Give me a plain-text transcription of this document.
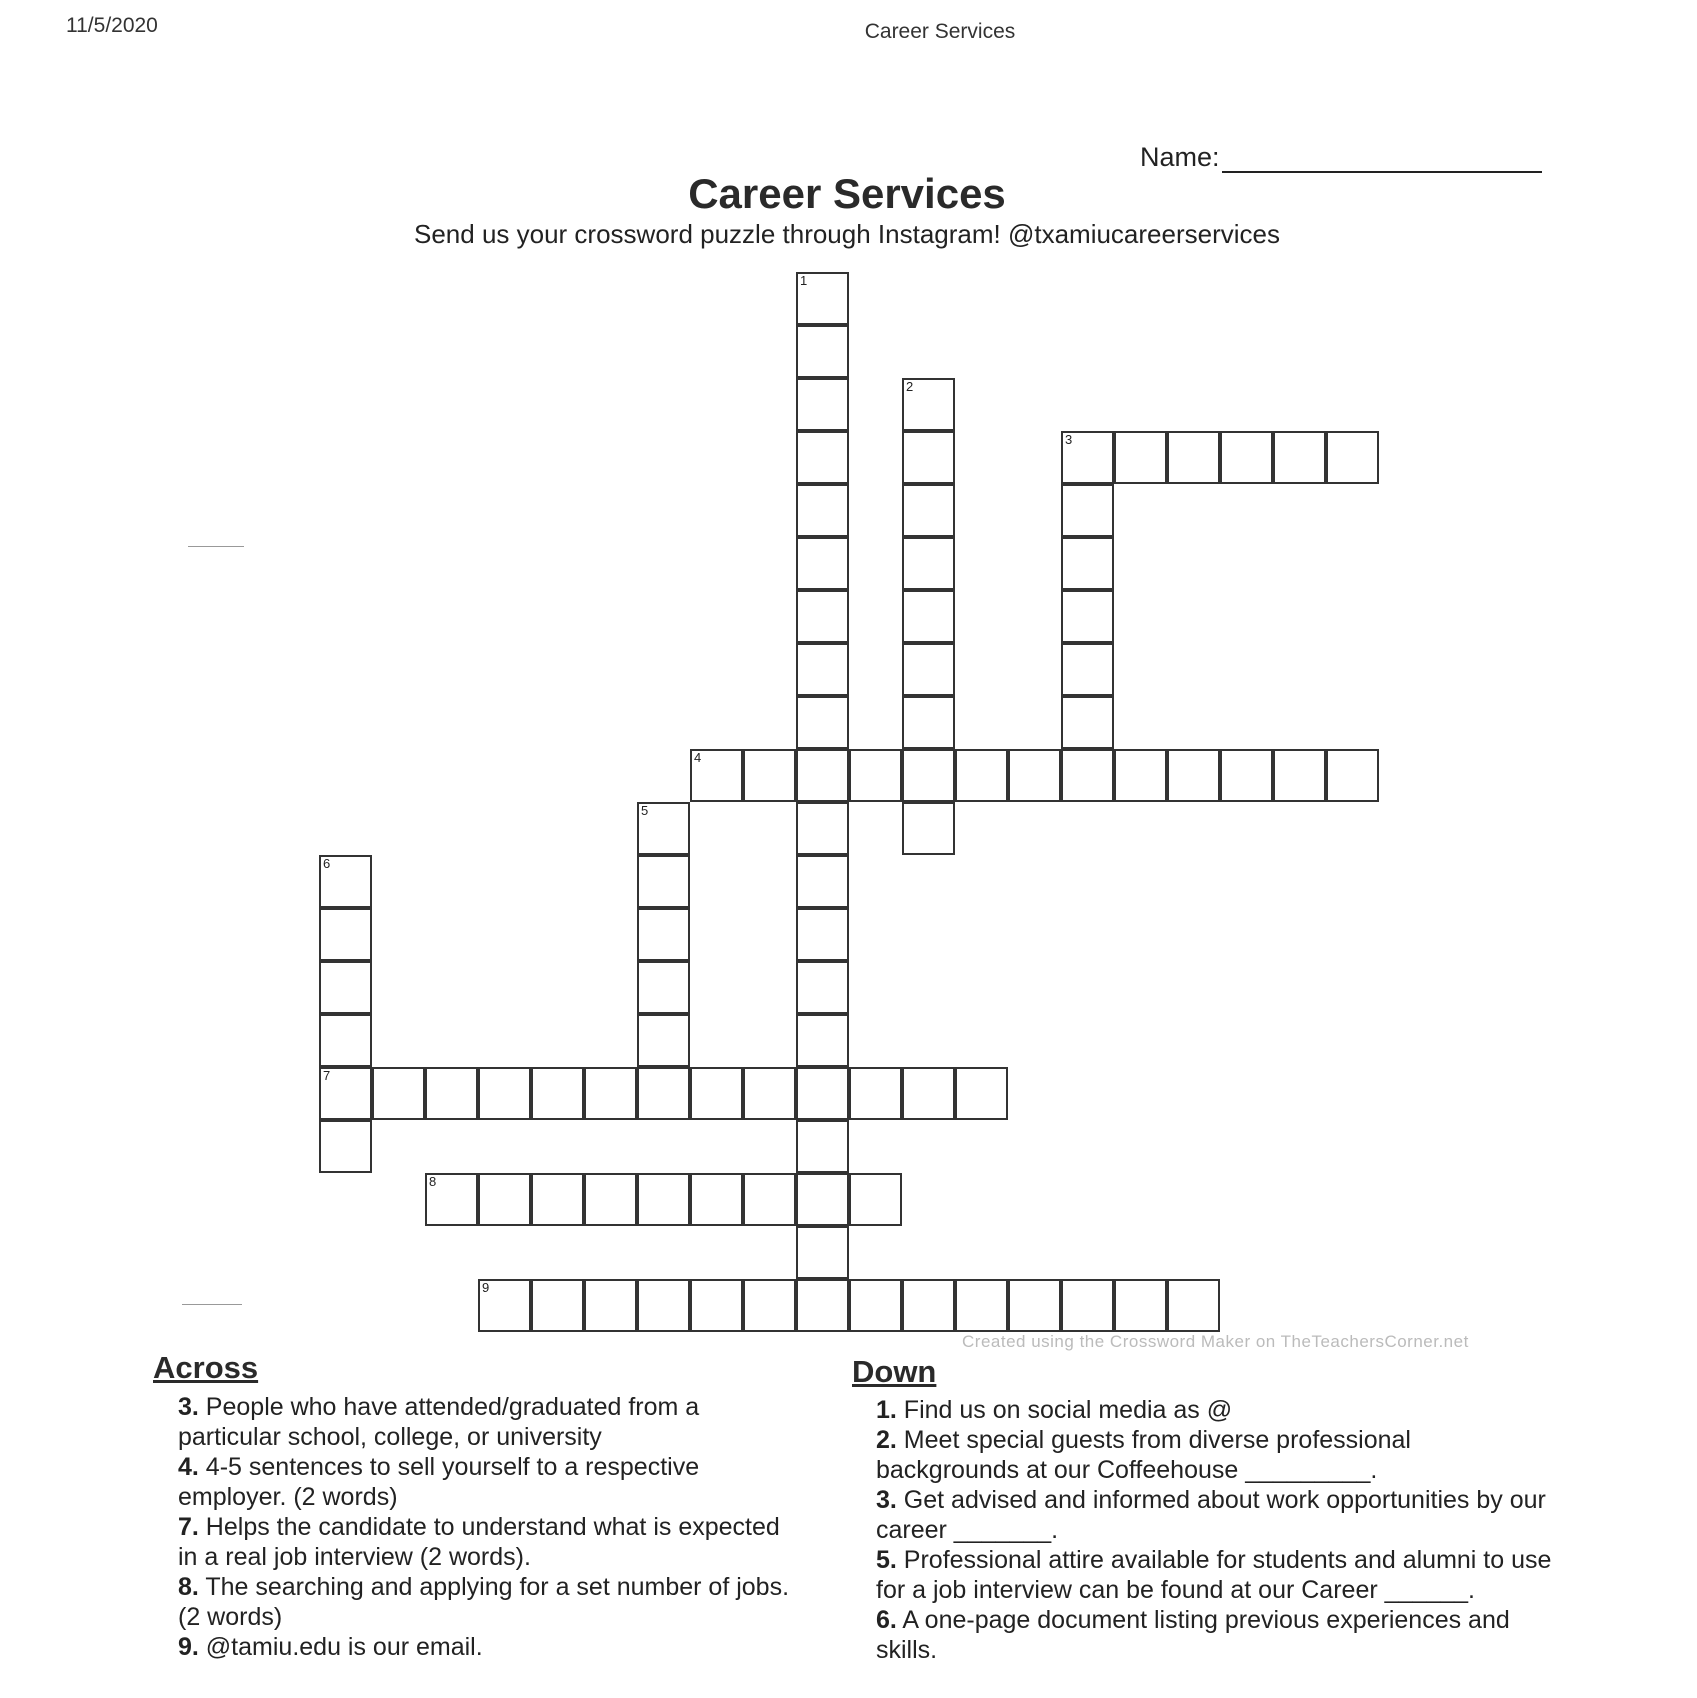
11/5/2020	Career Services
Name:
Career Services
Send us your crossword puzzle through Instagram! @txamiucareerservices
1
2
3
4
5
6
7
8
9
Created using the Crossword Maker on TheTeachersCorner.net
Across
3. People who have attended/graduated from a particular school, college, or university
4. 4-5 sentences to sell yourself to a respective employer. (2 words)
7. Helps the candidate to understand what is expected in a real job interview (2 words).
8. The searching and applying for a set number of jobs. (2 words)
9. @tamiu.edu is our email.
Down
1. Find us on social media as @
2. Meet special guests from diverse professional backgrounds at our Coffeehouse _________.
3. Get advised and informed about work opportunities by our career _______.
5. Professional attire available for students and alumni to use for a job interview can be found at our Career ______.
6. A one-page document listing previous experiences and skills.
